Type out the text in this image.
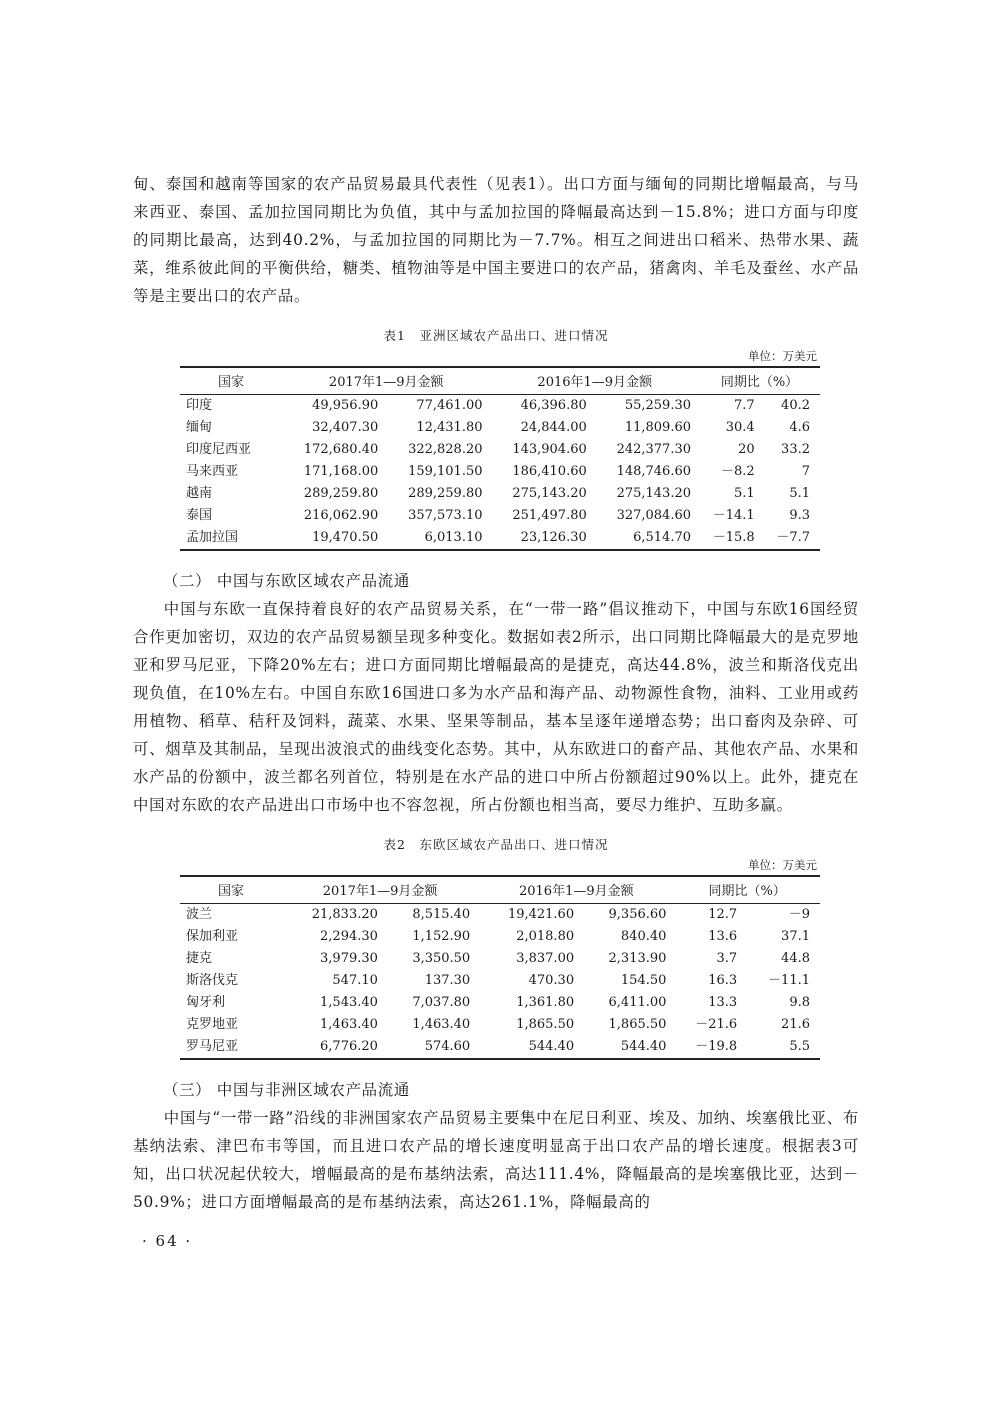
甸、泰国和越南等国家的农产品贸易最具代表性（见表1）。出口方面与缅甸的同期比增幅最高，与马来西亚、泰国、孟加拉国同期比为负值，其中与孟加拉国的降幅最高达到－15.8%；进口方面与印度的同期比最高，达到40.2%，与孟加拉国的同期比为－7.7%。相互之间进出口稻米、热带水果、蔬菜，维系彼此间的平衡供给，糖类、植物油等是中国主要进口的农产品，猪禽肉、羊毛及蚕丝、水产品等是主要出口的农产品。

表1　亚洲区域农产品出口、进口情况
单位：万美元
国家	2017年1—9月金额		2016年1—9月金额		同期比（%）	
印度	49,956.90	77,461.00	46,396.80	55,259.30	7.7	40.2
缅甸	32,407.30	12,431.80	24,844.00	11,809.60	30.4	4.6
印度尼西亚	172,680.40	322,828.20	143,904.60	242,377.30	20	33.2
马来西亚	171,168.00	159,101.50	186,410.60	148,746.60	－8.2	7
越南	289,259.80	289,259.80	275,143.20	275,143.20	5.1	5.1
泰国	216,062.90	357,573.10	251,497.80	327,084.60	－14.1	9.3
孟加拉国	19,470.50	6,013.10	23,126.30	6,514.70	－15.8	－7.7

（二） 中国与东欧区域农产品流通

中国与东欧一直保持着良好的农产品贸易关系，在“一带一路”倡议推动下，中国与东欧16国经贸合作更加密切，双边的农产品贸易额呈现多种变化。数据如表2所示，出口同期比降幅最大的是克罗地亚和罗马尼亚，下降20%左右；进口方面同期比增幅最高的是捷克，高达44.8%，波兰和斯洛伐克出现负值，在10%左右。中国自东欧16国进口多为水产品和海产品、动物源性食物，油料、工业用或药用植物、稻草、秸秆及饲料，蔬菜、水果、坚果等制品，基本呈逐年递增态势；出口畜肉及杂碎、可可、烟草及其制品，呈现出波浪式的曲线变化态势。其中，从东欧进口的畜产品、其他农产品、水果和水产品的份额中，波兰都名列首位，特别是在水产品的进口中所占份额超过90%以上。此外，捷克在中国对东欧的农产品进出口市场中也不容忽视，所占份额也相当高，要尽力维护、互助多赢。

表2　东欧区域农产品出口、进口情况
单位：万美元
国家	2017年1—9月金额		2016年1—9月金额		同期比（%）	
波兰	21,833.20	8,515.40	19,421.60	9,356.60	12.7	－9
保加利亚	2,294.30	1,152.90	2,018.80	840.40	13.6	37.1
捷克	3,979.30	3,350.50	3,837.00	2,313.90	3.7	44.8
斯洛伐克	547.10	137.30	470.30	154.50	16.3	－11.1
匈牙利	1,543.40	7,037.80	1,361.80	6,411.00	13.3	9.8
克罗地亚	1,463.40	1,463.40	1,865.50	1,865.50	－21.6	21.6
罗马尼亚	6,776.20	574.60	544.40	544.40	－19.8	5.5

（三） 中国与非洲区域农产品流通

中国与“一带一路”沿线的非洲国家农产品贸易主要集中在尼日利亚、埃及、加纳、埃塞俄比亚、布基纳法索、津巴布韦等国，而且进口农产品的增长速度明显高于出口农产品的增长速度。根据表3可知，出口状况起伏较大，增幅最高的是布基纳法索，高达111.4%，降幅最高的是埃塞俄比亚，达到－50.9%；进口方面增幅最高的是布基纳法索，高达261.1%，降幅最高的

· 64 ·
